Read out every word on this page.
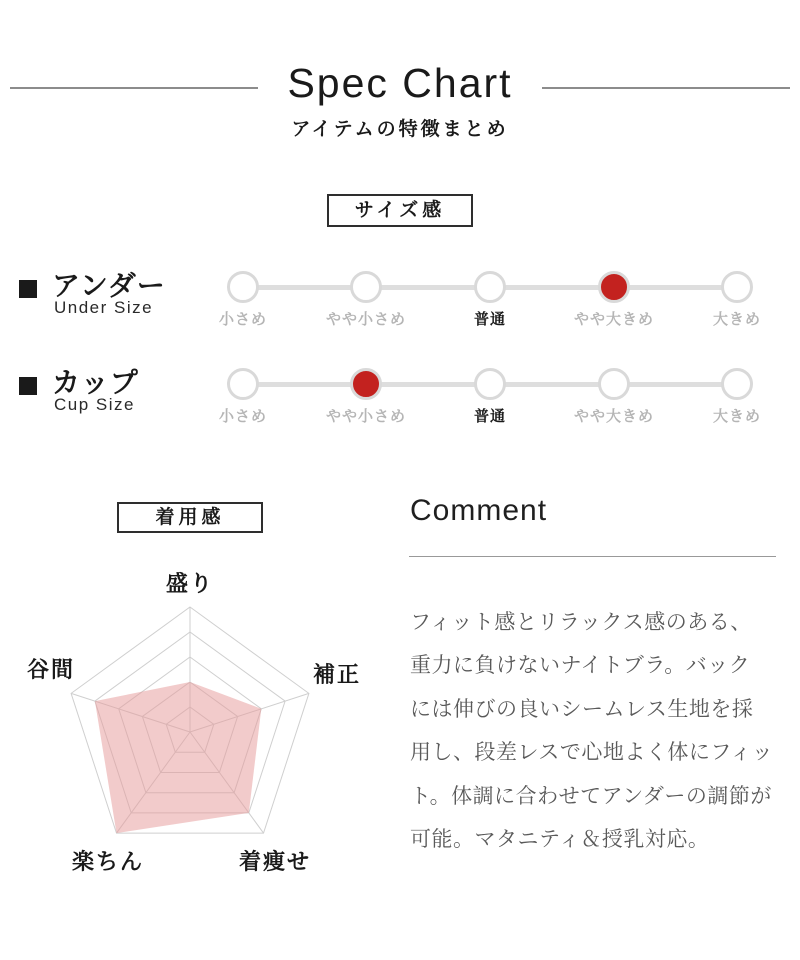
Spec Chart
アイテムの特徴まとめ
サイズ感
アンダー
Under Size
小さめ	やや小さめ	普通	やや大きめ	大きめ
カップ
Cup Size
小さめ	やや小さめ	普通	やや大きめ	大きめ
着用感
盛り
補正
着痩せ
楽ちん
谷間
Comment
フィット感とリラックス感のある、
重力に負けないナイトブラ。バック
には伸びの良いシームレス生地を採
用し、段差レスで心地よく体にフィッ
ト。体調に合わせてアンダーの調節が
可能。マタニティ＆授乳対応。
